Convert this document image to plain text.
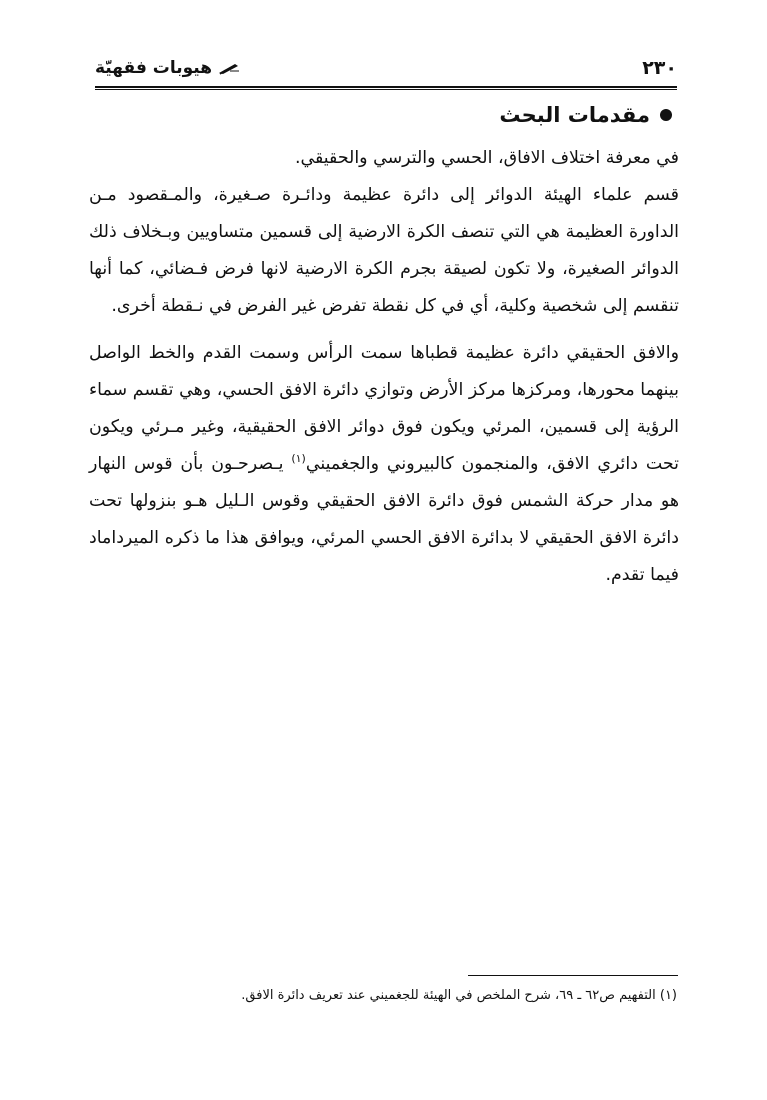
٢٣٠
هيوبات فقهيّة
مقدمات البحث

في معرفة اختلاف الافاق، الحسي والترسي والحقيقي.

قسم علماء الهيئة الدوائر إلى دائرة عظيمة ودائـرة صـغيرة، والمـقصود مـن الداورة العظيمة هي التي تنصف الكرة الارضية إلى قسمين متساويين وبـخلاف ذلك الدوائر الصغيرة، ولا تكون لصيقة بجرم الكرة الارضية لانها فرض فـضائي، كما أنها تنقسم إلى شخصية وكلية، أي في كل نقطة تفرض غير الفرض في نـقطة أخرى.

والافق الحقيقي دائرة عظيمة قطباها سمت الرأس وسمت القدم والخط الواصل بينهما محورها، ومركزها مركز الأرض وتوازي دائرة الافق الحسي، وهي تقسم سماء الرؤية إلى قسمين، المرئي ويكون فوق دوائر الافق الحقيقية، وغير مـرئي ويكون تحت دائري الافق، والمنجمون كالبيروني والجغميني$^{(١)}$ يـصرحـون بأن قوس النهار هو مدار حركة الشمس فوق دائرة الافق الحقيقي وقوس الـليل هـو بنزولها تحت دائرة الافق الحقيقي لا بدائرة الافق الحسي المرئي، ويوافق هذا ما ذكره الميرداماد فيما تقدم.

(١) التفهيم ص٦٢ ـ ٦٩، شرح الملخص في الهيئة للجغميني عند تعريف دائرة الافق.
